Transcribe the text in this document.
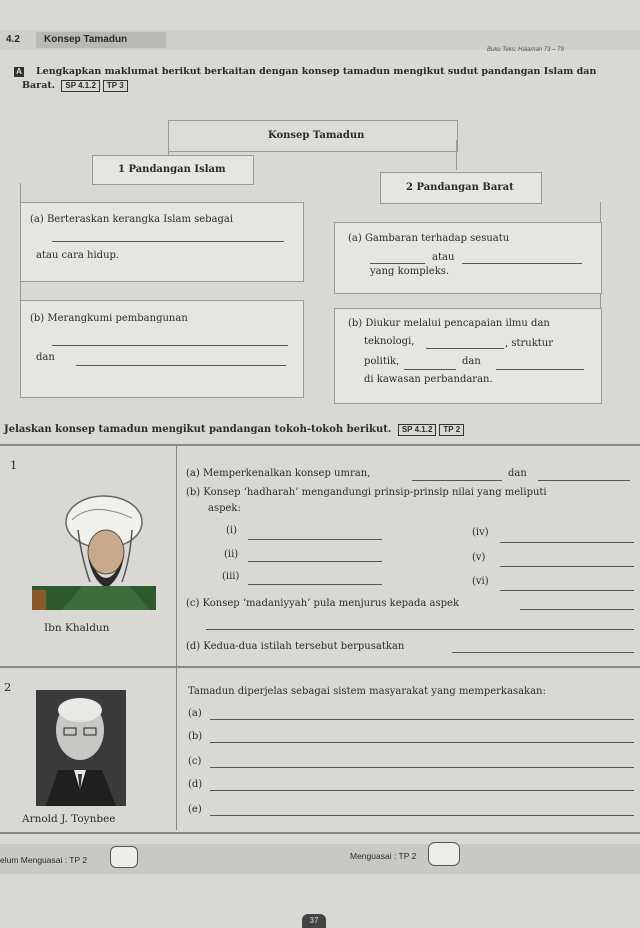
4.2 Konsep Tamadun
Buku Teks: Halaman 73 – 79
A Lengkapkan maklumat berikut berkaitan dengan konsep tamadun mengikut sudut pandangan Islam dan
Barat. SP 4.1.2 TP 3
Konsep Tamadun
1 Pandangan Islam
2 Pandangan Barat
(a) Berteraskan kerangka Islam sebagai
atau cara hidup.
(a) Gambaran terhadap sesuatu
atau
yang kompleks.
(b) Merangkumi pembangunan
dan
(b) Diukur melalui pencapaian ilmu dan
teknologi,	, struktur
politik,	dan
di kawasan perbandaran.
Jelaskan konsep tamadun mengikut pandangan tokoh-tokoh berikut. SP 4.1.2 TP 2
1
Ibn Khaldun
(a) Memperkenalkan konsep umran,	dan
(b) Konsep ‘hadharah’ mengandungi prinsip-prinsip nilai yang meliputi
aspek:
(i)
(ii)
(iii)
(iv)
(v)
(vi)
(c) Konsep ‘madaniyyah’ pula menjurus kepada aspek
(d) Kedua-dua istilah tersebut berpusatkan
2
Arnold J. Toynbee
Tamadun diperjelas sebagai sistem masyarakat yang memperkasakan:
(a)
(b)
(c)
(d)
(e)
elum Menguasai : TP 2	Menguasai : TP 2
37
